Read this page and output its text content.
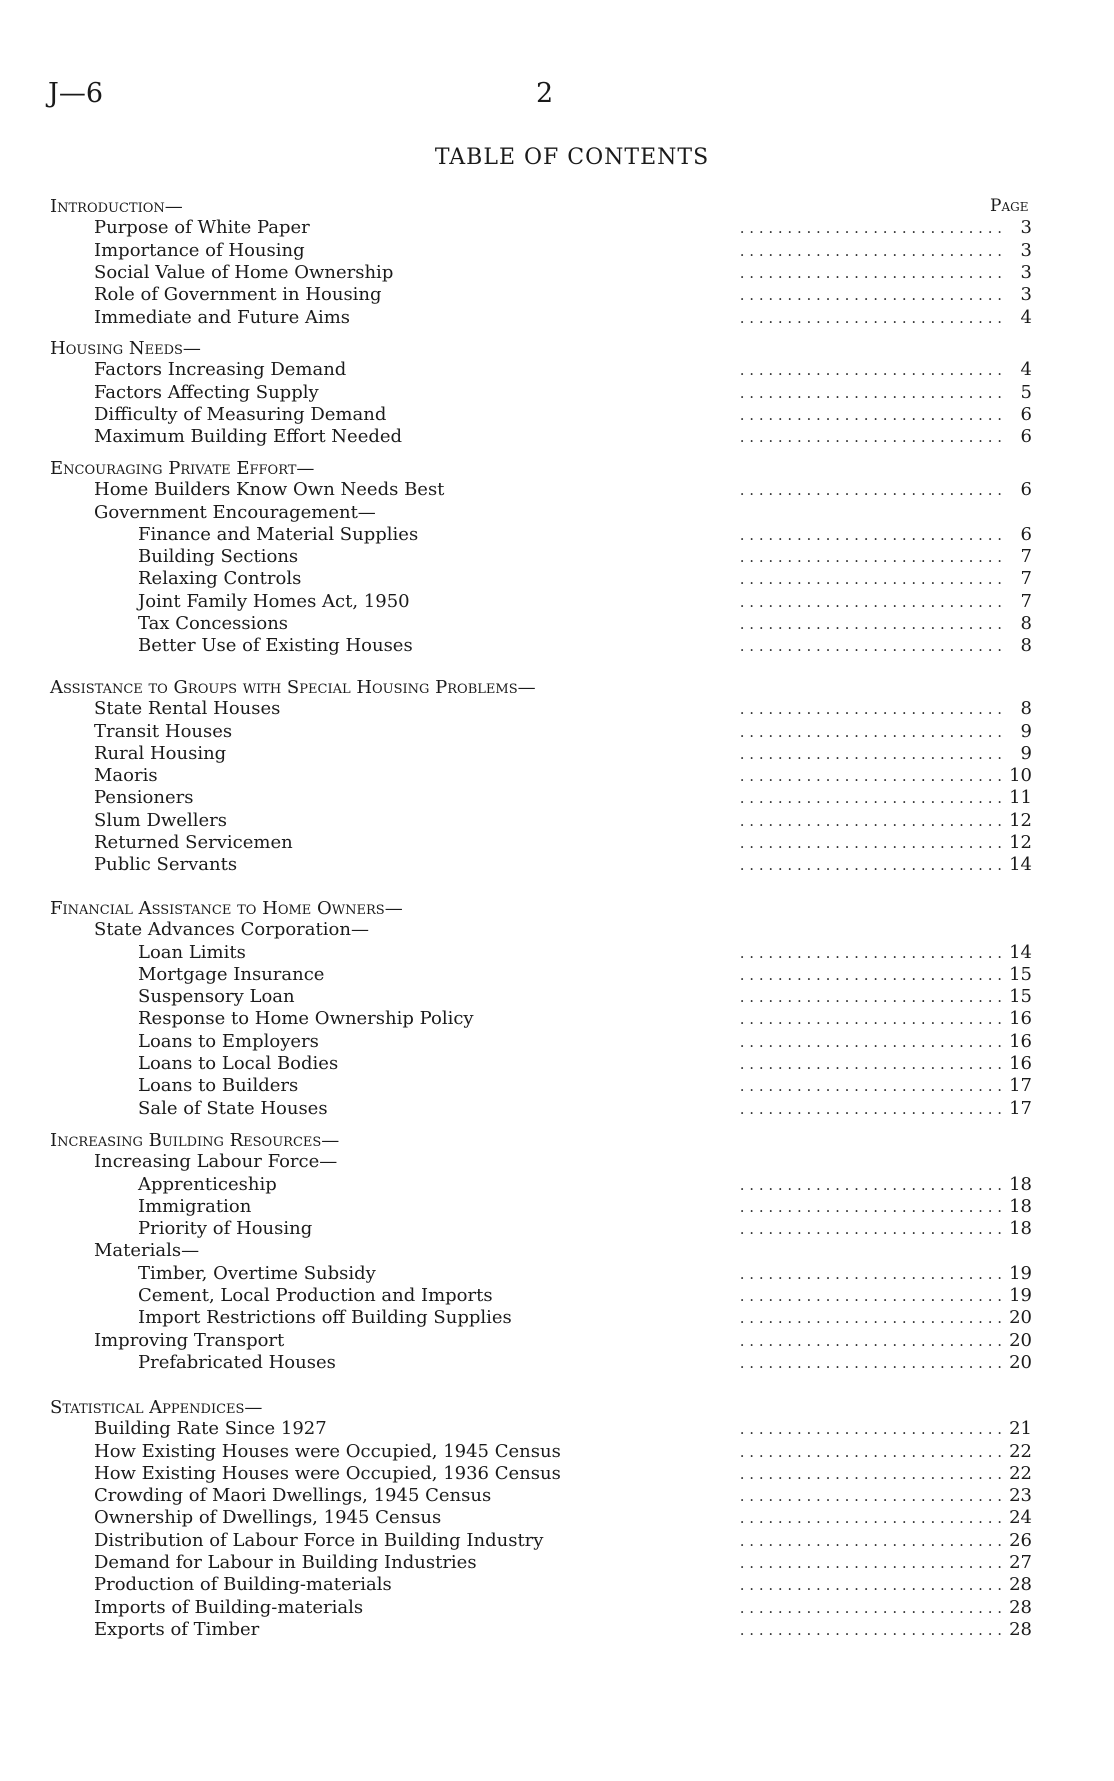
J—6	2
TABLE OF CONTENTS
Page
Introduction—
Purpose of White Paper	. . . . . . . . . . . . . . . . . . . . . . . . . . . . 3
Importance of Housing	. . . . . . . . . . . . . . . . . . . . . . . . . . . . 3
Social Value of Home Ownership	. . . . . . . . . . . . . . . . . . . . . . . . . . . . 3
Role of Government in Housing	. . . . . . . . . . . . . . . . . . . . . . . . . . . . 3
Immediate and Future Aims	. . . . . . . . . . . . . . . . . . . . . . . . . . . . 4
Housing Needs—
Factors Increasing Demand	. . . . . . . . . . . . . . . . . . . . . . . . . . . . 4
Factors Affecting Supply	. . . . . . . . . . . . . . . . . . . . . . . . . . . . 5
Difficulty of Measuring Demand	. . . . . . . . . . . . . . . . . . . . . . . . . . . . 6
Maximum Building Effort Needed	. . . . . . . . . . . . . . . . . . . . . . . . . . . . 6
Encouraging Private Effort—
Home Builders Know Own Needs Best	. . . . . . . . . . . . . . . . . . . . . . . . . . . . 6
Government Encouragement—
Finance and Material Supplies	. . . . . . . . . . . . . . . . . . . . . . . . . . . . 6
Building Sections	. . . . . . . . . . . . . . . . . . . . . . . . . . . . 7
Relaxing Controls	. . . . . . . . . . . . . . . . . . . . . . . . . . . . 7
Joint Family Homes Act, 1950	. . . . . . . . . . . . . . . . . . . . . . . . . . . . 7
Tax Concessions	. . . . . . . . . . . . . . . . . . . . . . . . . . . . 8
Better Use of Existing Houses	. . . . . . . . . . . . . . . . . . . . . . . . . . . . 8
Assistance to Groups with Special Housing Problems—
State Rental Houses	. . . . . . . . . . . . . . . . . . . . . . . . . . . . 8
Transit Houses	. . . . . . . . . . . . . . . . . . . . . . . . . . . . 9
Rural Housing	. . . . . . . . . . . . . . . . . . . . . . . . . . . . 9
Maoris	. . . . . . . . . . . . . . . . . . . . . . . . . . . . 10
Pensioners	. . . . . . . . . . . . . . . . . . . . . . . . . . . . 11
Slum Dwellers	. . . . . . . . . . . . . . . . . . . . . . . . . . . . 12
Returned Servicemen	. . . . . . . . . . . . . . . . . . . . . . . . . . . . 12
Public Servants	. . . . . . . . . . . . . . . . . . . . . . . . . . . . 14
Financial Assistance to Home Owners—
State Advances Corporation—
Loan Limits	. . . . . . . . . . . . . . . . . . . . . . . . . . . . 14
Mortgage Insurance	. . . . . . . . . . . . . . . . . . . . . . . . . . . . 15
Suspensory Loan	. . . . . . . . . . . . . . . . . . . . . . . . . . . . 15
Response to Home Ownership Policy	. . . . . . . . . . . . . . . . . . . . . . . . . . . . 16
Loans to Employers	. . . . . . . . . . . . . . . . . . . . . . . . . . . . 16
Loans to Local Bodies	. . . . . . . . . . . . . . . . . . . . . . . . . . . . 16
Loans to Builders	. . . . . . . . . . . . . . . . . . . . . . . . . . . . 17
Sale of State Houses	. . . . . . . . . . . . . . . . . . . . . . . . . . . . 17
Increasing Building Resources—
Increasing Labour Force—
Apprenticeship	. . . . . . . . . . . . . . . . . . . . . . . . . . . . 18
Immigration	. . . . . . . . . . . . . . . . . . . . . . . . . . . . 18
Priority of Housing	. . . . . . . . . . . . . . . . . . . . . . . . . . . . 18
Materials—
Timber, Overtime Subsidy	. . . . . . . . . . . . . . . . . . . . . . . . . . . . 19
Cement, Local Production and Imports	. . . . . . . . . . . . . . . . . . . . . . . . . . . . 19
Import Restrictions off Building Supplies	. . . . . . . . . . . . . . . . . . . . . . . . . . . . 20
Improving Transport	. . . . . . . . . . . . . . . . . . . . . . . . . . . . 20
Prefabricated Houses	. . . . . . . . . . . . . . . . . . . . . . . . . . . . 20
Statistical Appendices—
Building Rate Since 1927	. . . . . . . . . . . . . . . . . . . . . . . . . . . . 21
How Existing Houses were Occupied, 1945 Census	. . . . . . . . . . . . . . . . . . . . . . . . . . . . 22
How Existing Houses were Occupied, 1936 Census	. . . . . . . . . . . . . . . . . . . . . . . . . . . . 22
Crowding of Maori Dwellings, 1945 Census	. . . . . . . . . . . . . . . . . . . . . . . . . . . . 23
Ownership of Dwellings, 1945 Census	. . . . . . . . . . . . . . . . . . . . . . . . . . . . 24
Distribution of Labour Force in Building Industry	. . . . . . . . . . . . . . . . . . . . . . . . . . . . 26
Demand for Labour in Building Industries	. . . . . . . . . . . . . . . . . . . . . . . . . . . . 27
Production of Building-materials	. . . . . . . . . . . . . . . . . . . . . . . . . . . . 28
Imports of Building-materials	. . . . . . . . . . . . . . . . . . . . . . . . . . . . 28
Exports of Timber	. . . . . . . . . . . . . . . . . . . . . . . . . . . . 28
